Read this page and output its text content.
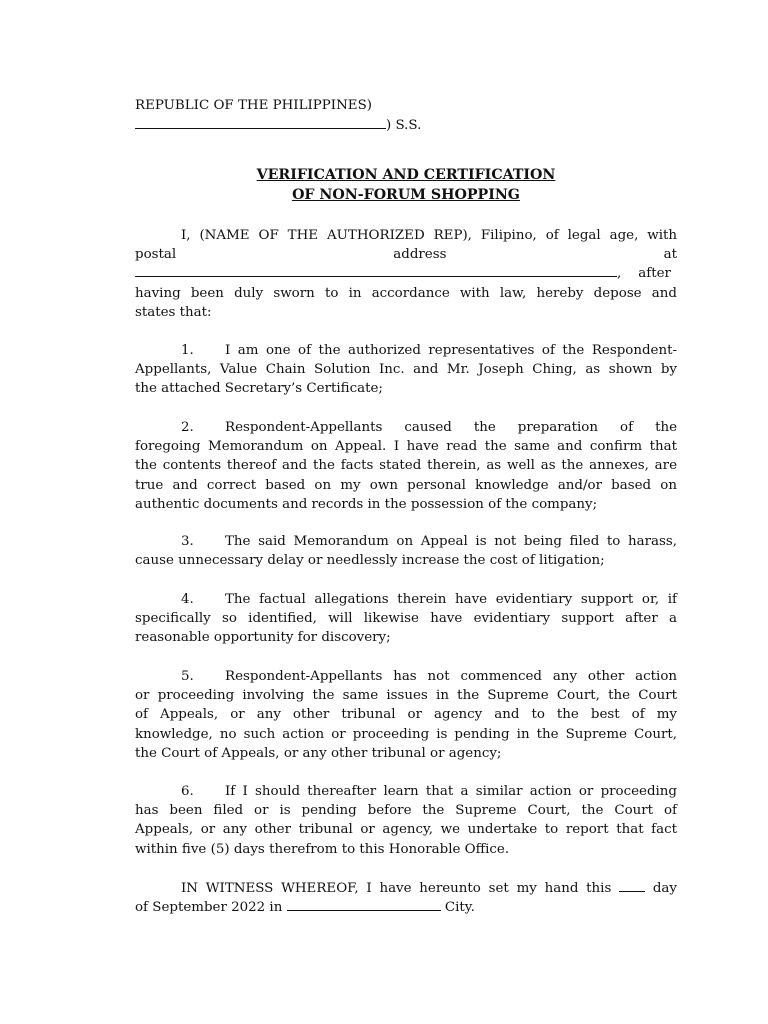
REPUBLIC OF THE PHILIPPINES)
) S.S.
VERIFICATION AND CERTIFICATION
OF NON-FORUM SHOPPING
I, (NAME OF THE AUTHORIZED REP), Filipino, of legal age, with
postal	address	at
,    after
having been duly sworn to in accordance with law, hereby depose and
states that:
1. I am one of the authorized representatives of the Respondent-
Appellants, Value Chain Solution Inc. and Mr. Joseph Ching, as shown by
the attached Secretary’s Certificate;
2. Respondent-Appellants caused the preparation of the
foregoing Memorandum on Appeal. I have read the same and confirm that
the contents thereof and the facts stated therein, as well as the annexes, are
true and correct based on my own personal knowledge and/or based on
authentic documents and records in the possession of the company;
3. The said Memorandum on Appeal is not being filed to harass,
cause unnecessary delay or needlessly increase the cost of litigation;
4. The factual allegations therein have evidentiary support or, if
specifically so identified, will likewise have evidentiary support after a
reasonable opportunity for discovery;
5. Respondent-Appellants has not commenced any other action
or proceeding involving the same issues in the Supreme Court, the Court
of Appeals, or any other tribunal or agency and to the best of my
knowledge, no such action or proceeding is pending in the Supreme Court,
the Court of Appeals, or any other tribunal or agency;
6. If I should thereafter learn that a similar action or proceeding
has been filed or is pending before the Supreme Court, the Court of
Appeals, or any other tribunal or agency, we undertake to report that fact
within five (5) days therefrom to this Honorable Office.
IN WITNESS WHEREOF, I have hereunto set my hand this	day
of September 2022 in	City.
